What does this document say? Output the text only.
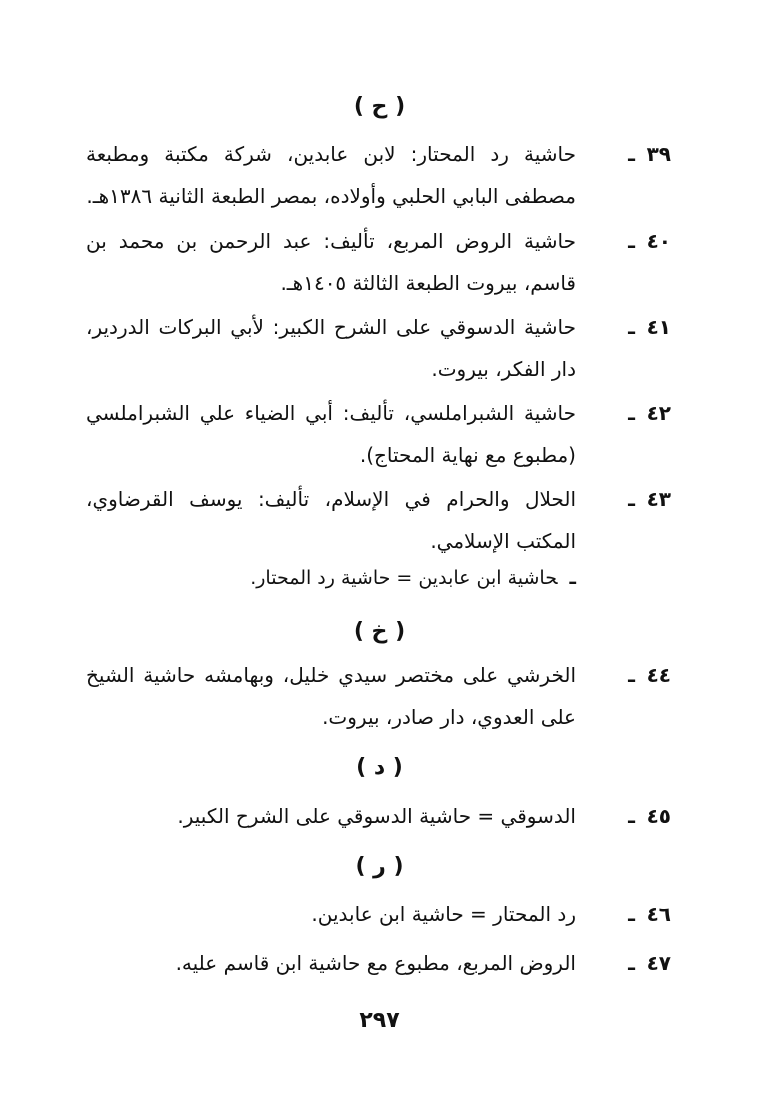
( ح )
٣٩
ـ
حاشية رد المحتار: لابن عابدين، شركة مكتبة ومطبعة مصطفى البابي الحلبي وأولاده، بمصر الطبعة الثانية ١٣٨٦هـ.
٤٠
ـ
حاشية الروض المربع، تأليف: عبد الرحمن بن محمد بن قاسم، بيروت الطبعة الثالثة ١٤٠٥هـ.
٤١
ـ
حاشية الدسوقي على الشرح الكبير: لأبي البركات الدردير، دار الفكر، بيروت.
٤٢
ـ
حاشية الشبراملسي، تأليف: أبي الضياء علي الشبراملسي (مطبوع مع نهاية المحتاج).
٤٣
ـ
الحلال والحرام في الإسلام، تأليف: يوسف القرضاوي، المكتب الإسلامي.
ـحاشية ابن عابدين = حاشية رد المحتار.
( خ )
٤٤
ـ
الخرشي على مختصر سيدي خليل، وبهامشه حاشية الشيخ على العدوي، دار صادر، بيروت.
( د )
٤٥
ـ
الدسوقي = حاشية الدسوقي على الشرح الكبير.
( ر )
٤٦
ـ
رد المحتار = حاشية ابن عابدين.
٤٧
ـ
الروض المربع، مطبوع مع حاشية ابن قاسم عليه.
٢٩٧
